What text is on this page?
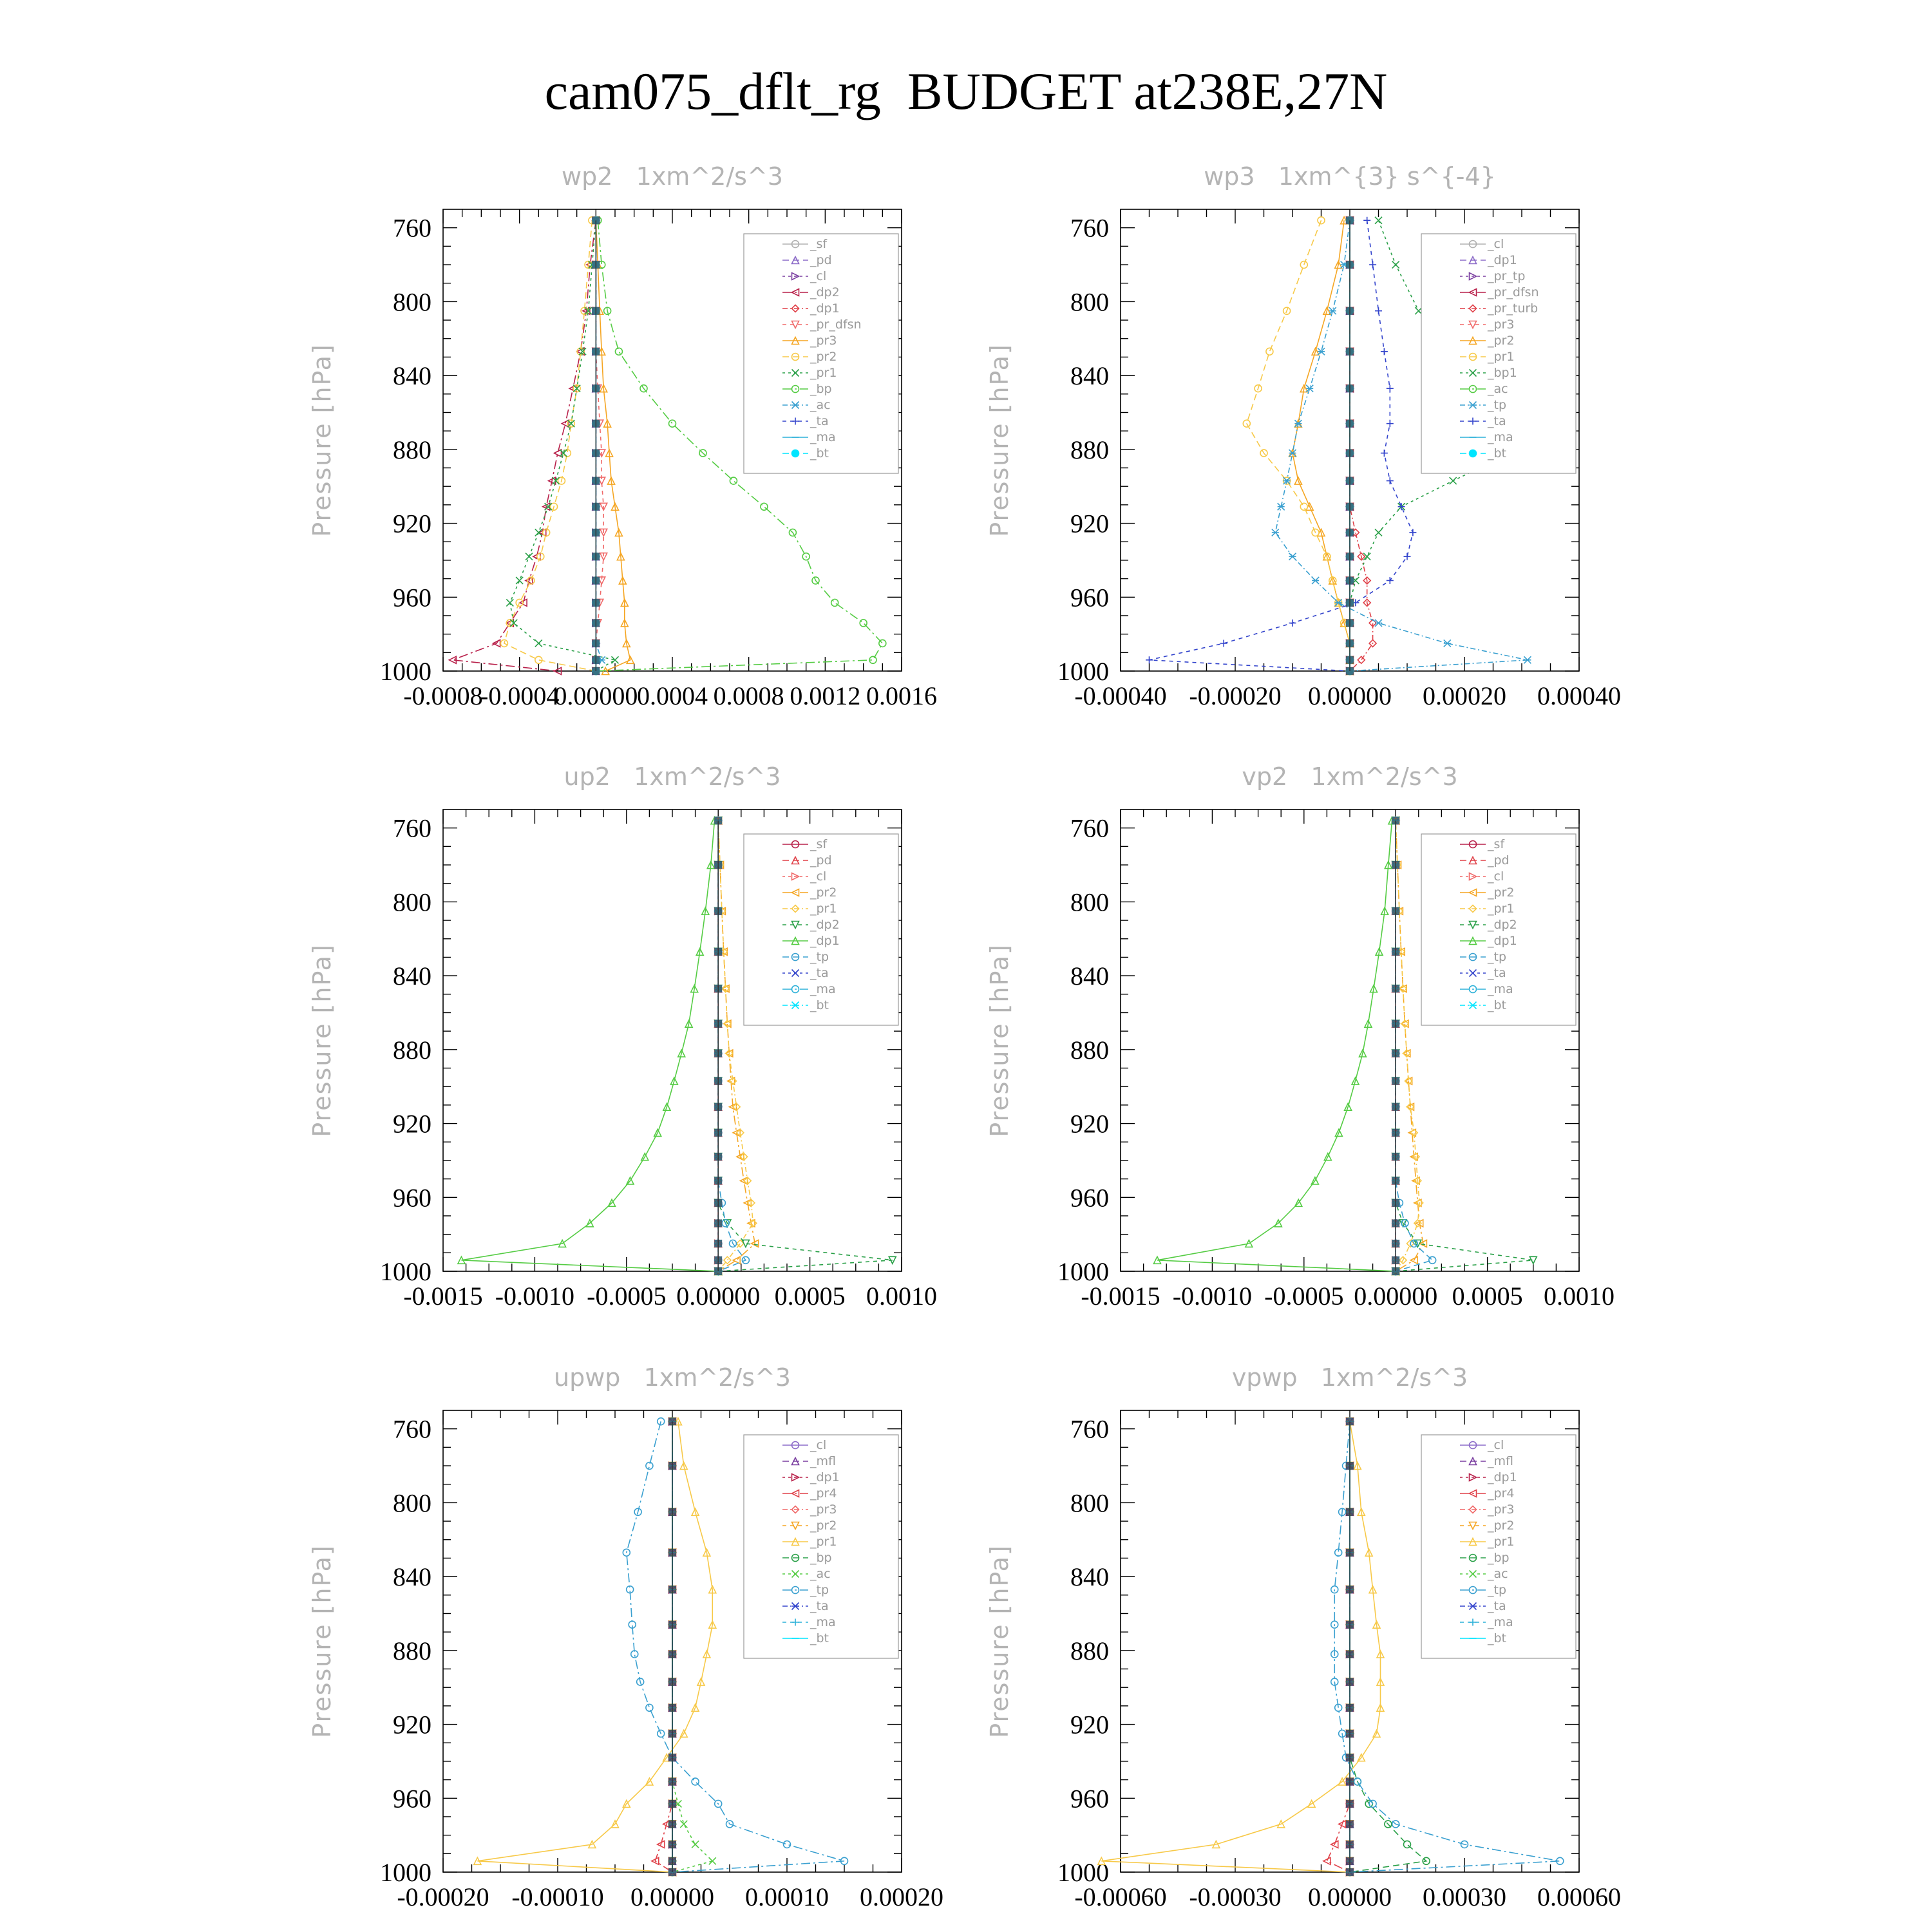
cam075_dflt_rg  BUDGET at238E,27N
wp2   1xm^2/s^3
Pressure [hPa]
760
800
840
880
920
960
1000
-0.0008
-0.0004
0.00000
0.0004 0.0008 0.0012 0.0016
_sf
_pd
_cl
_dp2
_dp1
_pr_dfsn
_pr3
_pr2
_pr1
_bp
_ac
_ta
_ma
_bt
wp3   1xm^{3} s^{-4}
Pressure [hPa]
760
800
840
880
920
960
1000
-0.00040 -0.00020 0.00000 0.00020 0.00040
_cl
_dp1
_pr_tp
_pr_dfsn
_pr_turb
_pr3
_pr2
_pr1
_bp1
_ac
_tp
_ta
_ma
_bt
up2   1xm^2/s^3
Pressure [hPa]
760
800
840
880
920
960
1000
-0.0015 -0.0010 -0.0005 0.00000 0.0005 0.0010
_sf
_pd
_cl
_pr2
_pr1
_dp2
_dp1
_tp
_ta
_ma
_bt
vp2   1xm^2/s^3
Pressure [hPa]
760
800
840
880
920
960
1000
-0.0015 -0.0010 -0.0005 0.00000 0.0005 0.0010
_sf
_pd
_cl
_pr2
_pr1
_dp2
_dp1
_tp
_ta
_ma
_bt
upwp   1xm^2/s^3
Pressure [hPa]
760
800
840
880
920
960
1000
-0.00020 -0.00010 0.00000 0.00010 0.00020
_cl
_mfl
_dp1
_pr4
_pr3
_pr2
_pr1
_bp
_ac
_tp
_ta
_ma
_bt
vpwp   1xm^2/s^3
Pressure [hPa]
760
800
840
880
920
960
1000
-0.00060 -0.00030 0.00000 0.00030 0.00060
_cl
_mfl
_dp1
_pr4
_pr3
_pr2
_pr1
_bp
_ac
_tp
_ta
_ma
_bt
